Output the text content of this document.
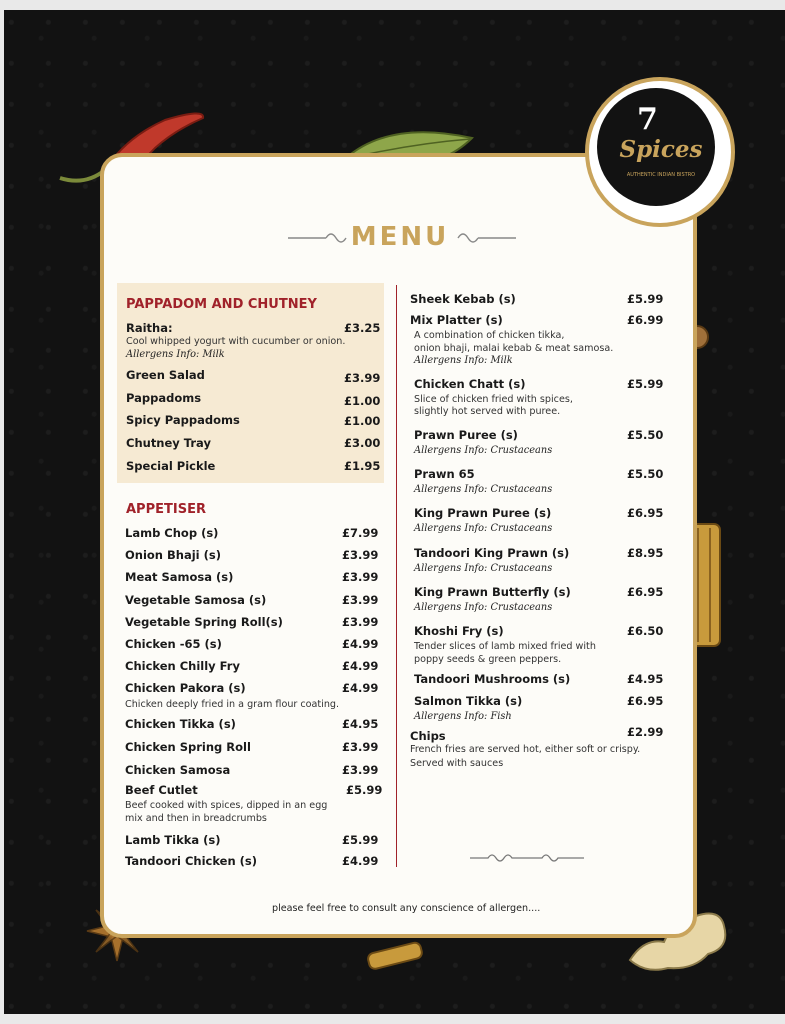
7
Spices
AUTHENTIC INDIAN BISTRO
MENU
PAPPADOM AND CHUTNEY
Raitha:	£3.25
Cool whipped yogurt with cucumber or onion.
Allergens Info: Milk
Green Salad	£3.99
Pappadoms	£1.00
Spicy Pappadoms	£1.00
Chutney Tray	£3.00
Special Pickle	£1.95
APPETISER
Lamb Chop (s)	£7.99
Onion Bhaji (s)	£3.99
Meat Samosa (s)	£3.99
Vegetable Samosa (s)	£3.99
Vegetable Spring Roll(s)	£3.99
Chicken -65 (s)	£4.99
Chicken Chilly Fry	£4.99
Chicken Pakora (s)	£4.99
Chicken deeply fried in a gram flour coating.
Chicken Tikka (s)	£4.95
Chicken Spring Roll	£3.99
Chicken Samosa	£3.99
Beef Cutlet	£5.99
Beef cooked with spices, dipped in an egg
mix and then in breadcrumbs
Lamb Tikka (s)	£5.99
Tandoori Chicken (s)	£4.99
Sheek Kebab (s)	£5.99
Mix Platter (s)	£6.99
A combination of chicken tikka,
onion bhaji, malai kebab & meat samosa.
Allergens Info: Milk
Chicken Chatt (s)	£5.99
Slice of chicken fried with spices,
slightly hot served with puree.
Prawn Puree (s)	£5.50
Allergens Info: Crustaceans
Prawn 65	£5.50
Allergens Info: Crustaceans
King Prawn Puree (s)	£6.95
Allergens Info: Crustaceans
Tandoori King Prawn (s)	£8.95
Allergens Info: Crustaceans
King Prawn Butterfly (s)	£6.95
Allergens Info: Crustaceans
Khoshi Fry (s)	£6.50
Tender slices of lamb mixed fried with
poppy seeds & green peppers.
Tandoori Mushrooms (s)	£4.95
Salmon Tikka (s)	£6.95
Allergens Info: Fish
Chips	£2.99
French fries are served hot, either soft or crispy.
Served with sauces
please feel free to consult any conscience of allergen....
